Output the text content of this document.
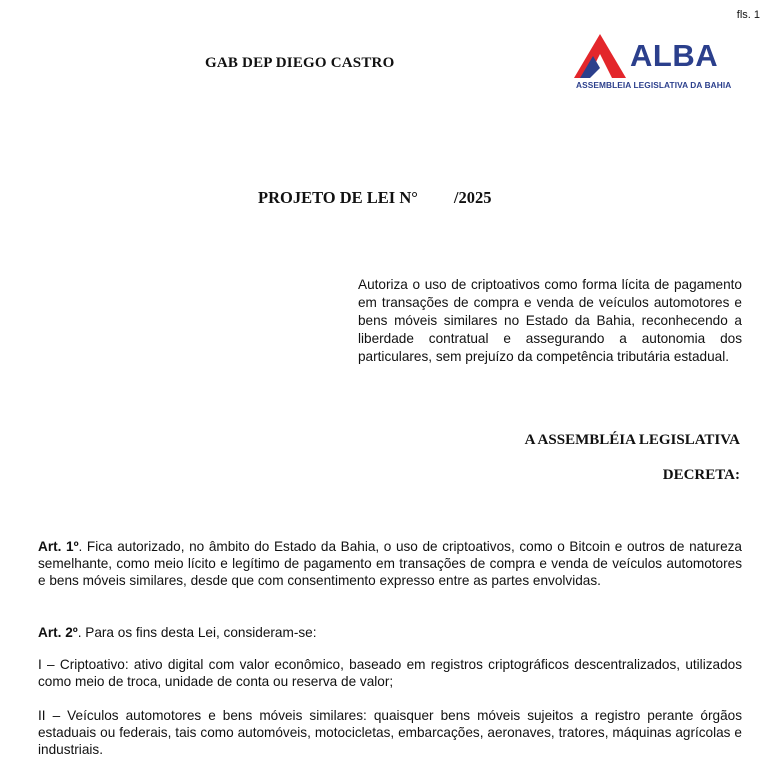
fls. 1
GAB DEP DIEGO CASTRO	ALBA
ASSEMBLEIA LEGISLATIVA DA BAHIA
PROJETO DE LEI N° /2025
Autoriza o uso de criptoativos como forma lícita de pagamento em transações de compra e venda de veículos automotores e bens móveis similares no Estado da Bahia, reconhecendo a liberdade contratual e assegurando a autonomia dos particulares, sem prejuízo da competência tributária estadual.
A ASSEMBLÉIA LEGISLATIVA
DECRETA:
Art. 1º. Fica autorizado, no âmbito do Estado da Bahia, o uso de criptoativos, como o Bitcoin e outros de natureza semelhante, como meio lícito e legítimo de pagamento em transações de compra e venda de veículos automotores e bens móveis similares, desde que com consentimento expresso entre as partes envolvidas.
Art. 2º. Para os fins desta Lei, consideram-se:
I – Criptoativo: ativo digital com valor econômico, baseado em registros criptográficos descentralizados, utilizados como meio de troca, unidade de conta ou reserva de valor;
II – Veículos automotores e bens móveis similares: quaisquer bens móveis sujeitos a registro perante órgãos estaduais ou federais, tais como automóveis, motocicletas, embarcações, aeronaves, tratores, máquinas agrícolas e industriais.
